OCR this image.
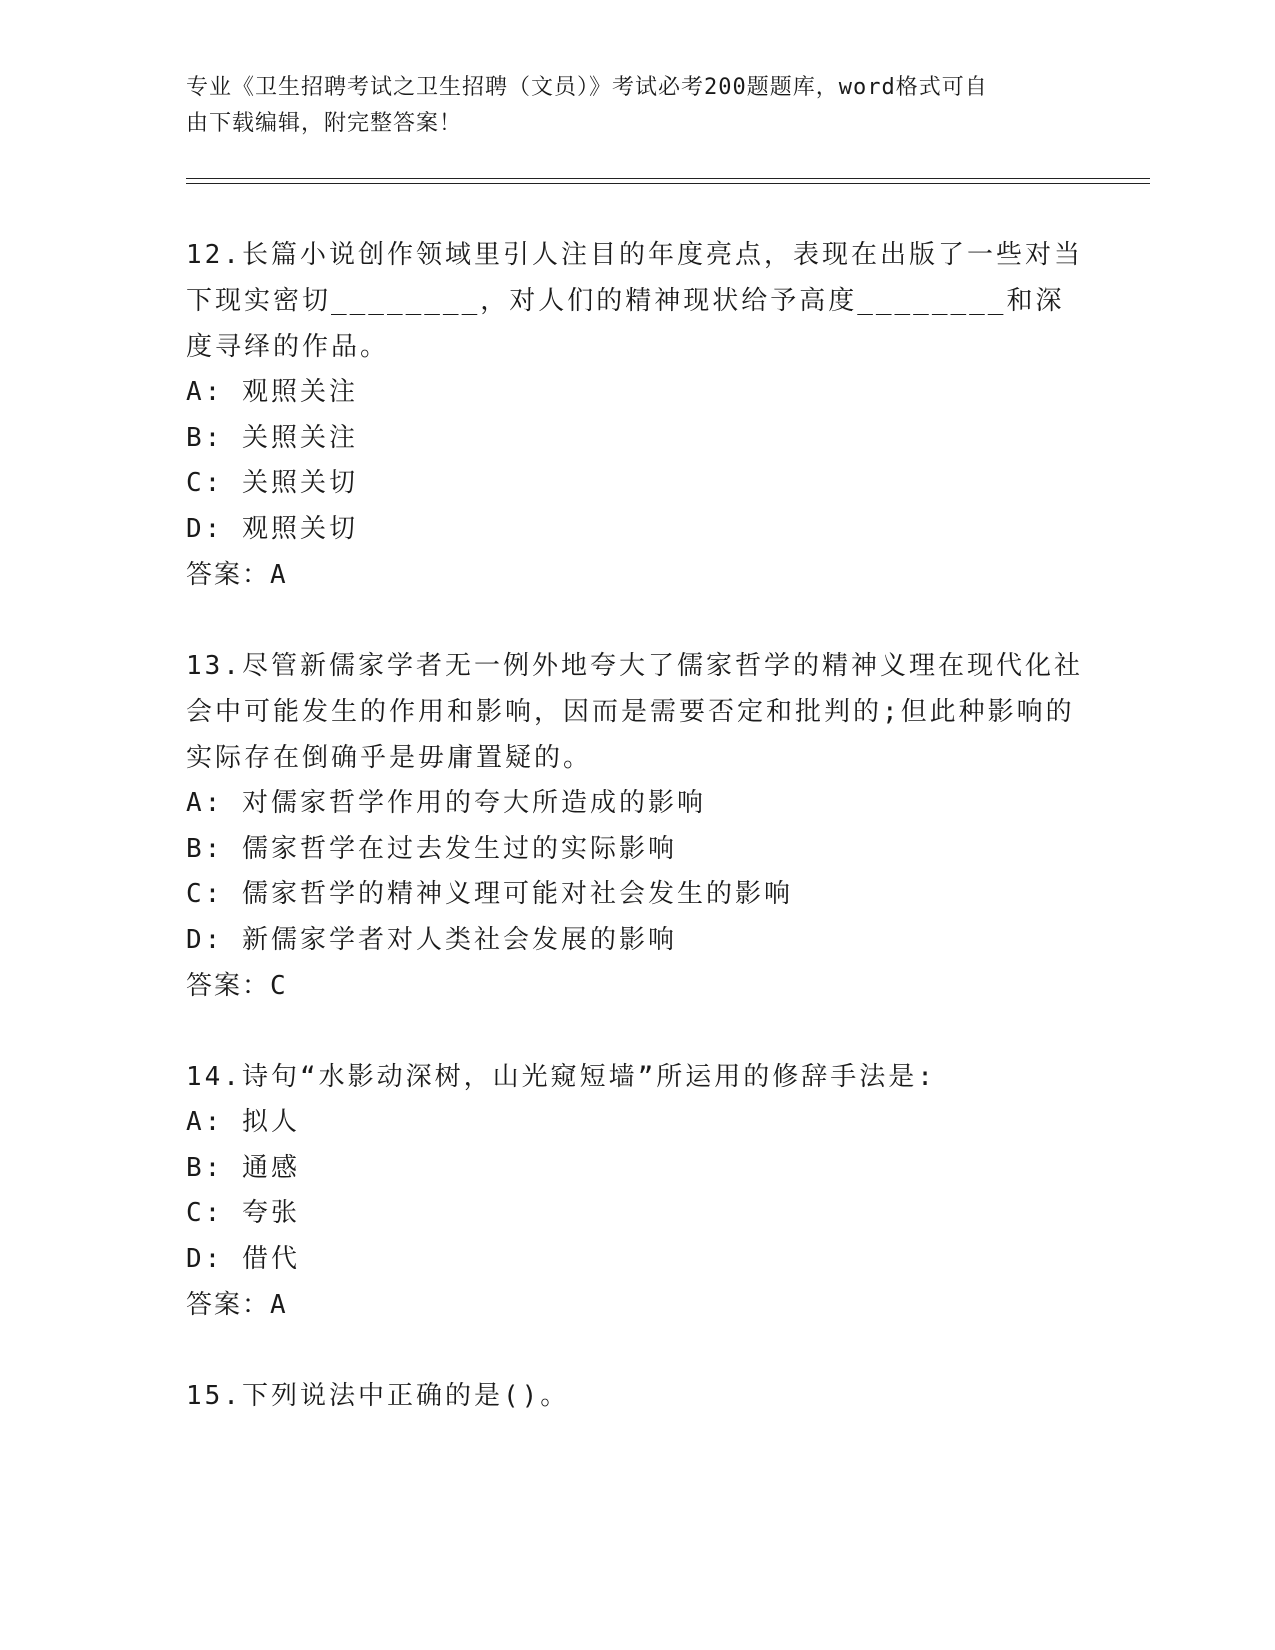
专业《卫生招聘考试之卫生招聘（文员）》考试必考200题题库，word格式可自
由下载编辑，附完整答案！

12.长篇小说创作领域里引人注目的年度亮点，表现在出版了一些对当下现实密切________，对人们的精神现状给予高度________和深度寻绎的作品。

A: 观照关注
B: 关照关注
C: 关照关切
D: 观照关切
答案：A

13.尽管新儒家学者无一例外地夸大了儒家哲学的精神义理在现代化社会中可能发生的作用和影响，因而是需要否定和批判的;但此种影响的实际存在倒确乎是毋庸置疑的。

A: 对儒家哲学作用的夸大所造成的影响
B: 儒家哲学在过去发生过的实际影响
C: 儒家哲学的精神义理可能对社会发生的影响
D: 新儒家学者对人类社会发展的影响
答案：C

14.诗句“水影动深树，山光窥短墙”所运用的修辞手法是:

A: 拟人
B: 通感
C: 夸张
D: 借代
答案：A

15.下列说法中正确的是()。
